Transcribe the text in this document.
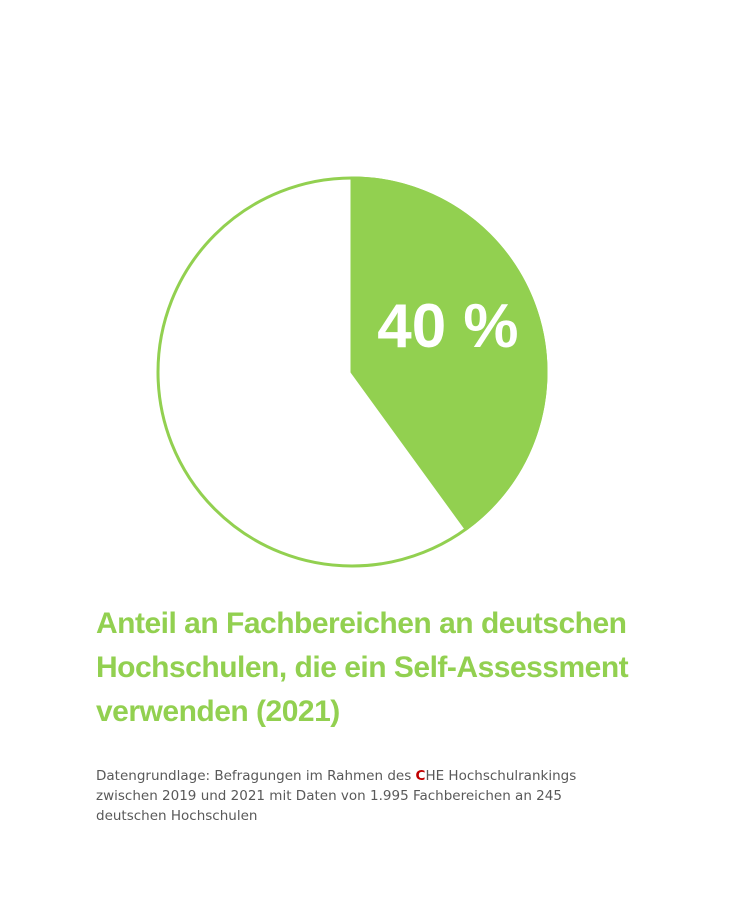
40 %
Anteil an Fachbereichen an deutschen
Hochschulen, die ein Self-Assessment
verwenden (2021)

Datengrundlage: Befragungen im Rahmen des CHE Hochschulrankings
zwischen 2019 und 2021 mit Daten von 1.995 Fachbereichen an 245
deutschen Hochschulen
